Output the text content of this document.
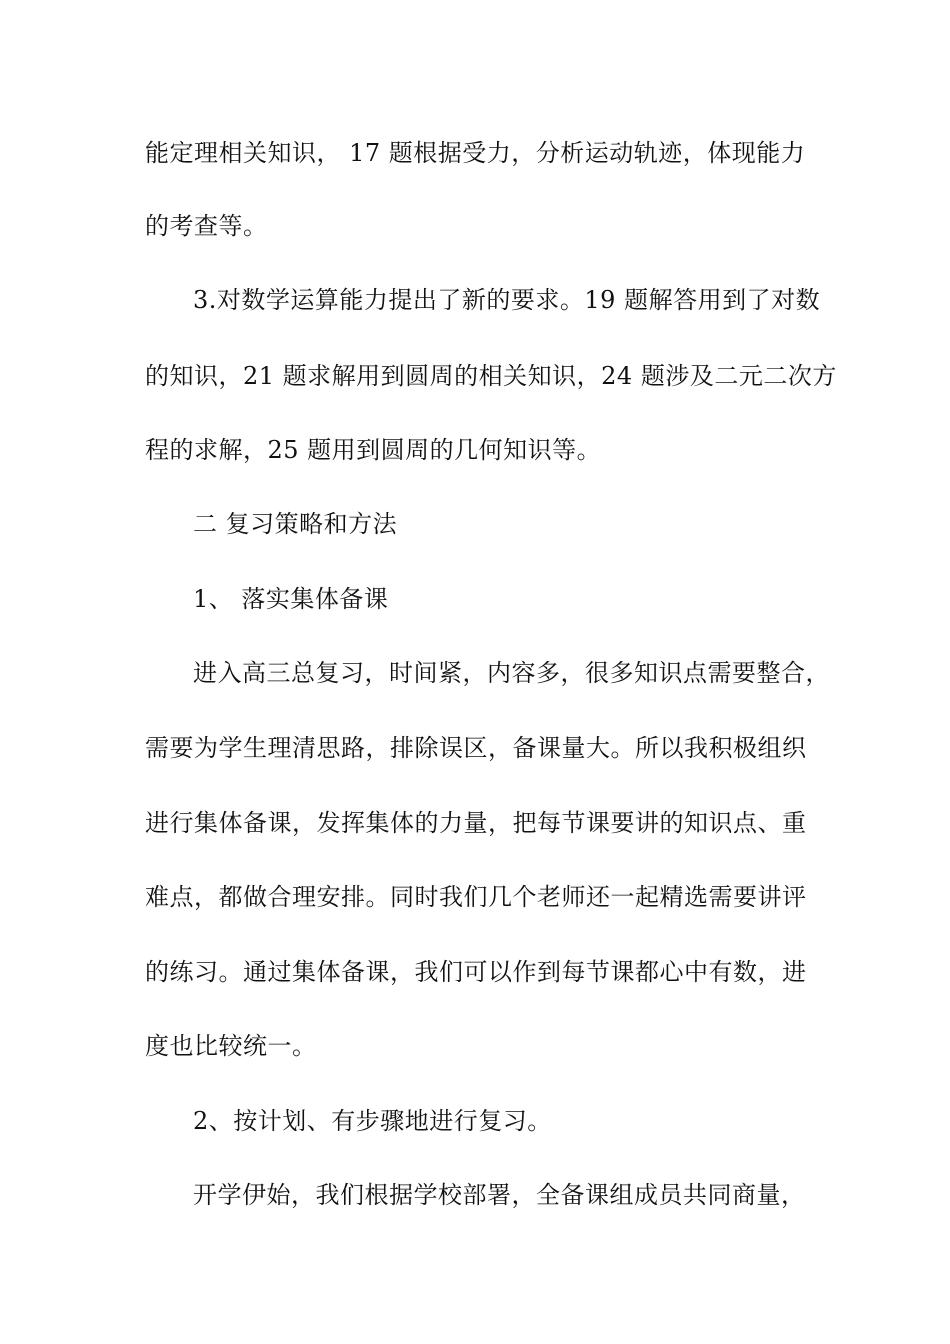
能定理相关知识， 17 题根据受力，分析运动轨迹，体现能力
的考查等。
3.对数学运算能力提出了新的要求。19 题解答用到了对数
的知识，21 题求解用到圆周的相关知识，24 题涉及二元二次方
程的求解，25 题用到圆周的几何知识等。
二 复习策略和方法
1、 落实集体备课
进入高三总复习，时间紧，内容多，很多知识点需要整合，
需要为学生理清思路，排除误区，备课量大。所以我积极组织
进行集体备课，发挥集体的力量，把每节课要讲的知识点、重
难点，都做合理安排。同时我们几个老师还一起精选需要讲评
的练习。通过集体备课，我们可以作到每节课都心中有数，进
度也比较统一。
2、按计划、有步骤地进行复习。
开学伊始，我们根据学校部署，全备课组成员共同商量，
